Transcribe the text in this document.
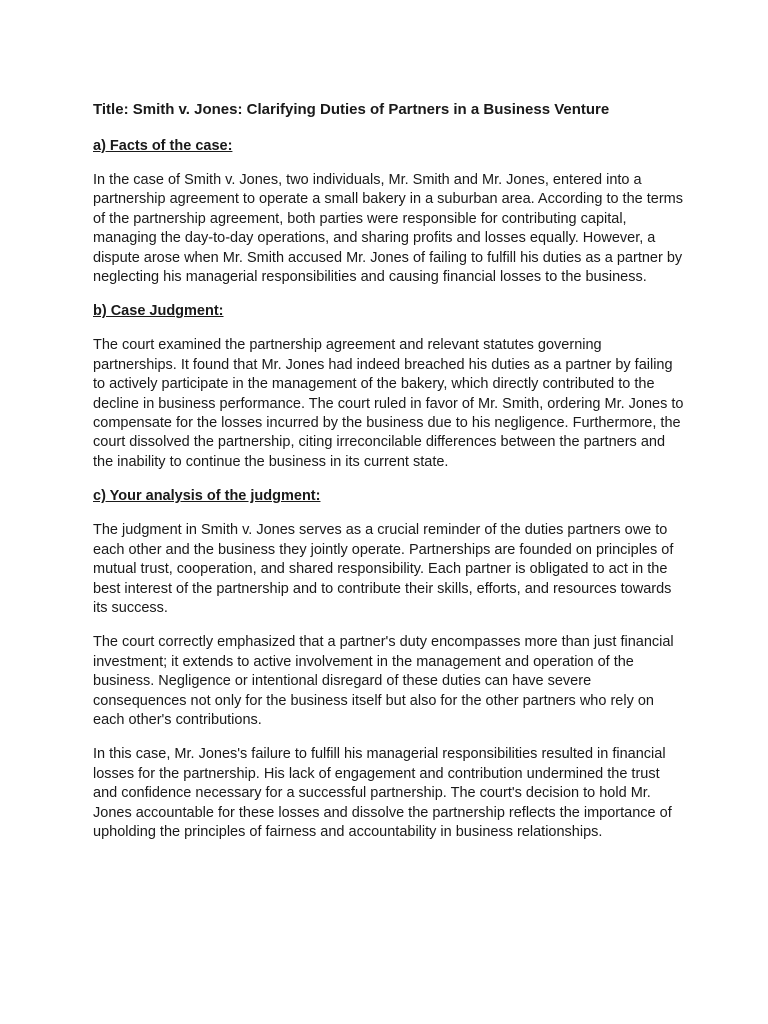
Title: Smith v. Jones: Clarifying Duties of Partners in a Business Venture
a) Facts of the case:

In the case of Smith v. Jones, two individuals, Mr. Smith and Mr. Jones, entered into a partnership agreement to operate a small bakery in a suburban area. According to the terms of the partnership agreement, both parties were responsible for contributing capital, managing the day-to-day operations, and sharing profits and losses equally. However, a dispute arose when Mr. Smith accused Mr. Jones of failing to fulfill his duties as a partner by neglecting his managerial responsibilities and causing financial losses to the business.

b) Case Judgment:

The court examined the partnership agreement and relevant statutes governing partnerships. It found that Mr. Jones had indeed breached his duties as a partner by failing to actively participate in the management of the bakery, which directly contributed to the decline in business performance. The court ruled in favor of Mr. Smith, ordering Mr. Jones to compensate for the losses incurred by the business due to his negligence. Furthermore, the court dissolved the partnership, citing irreconcilable differences between the partners and the inability to continue the business in its current state.

c) Your analysis of the judgment:

The judgment in Smith v. Jones serves as a crucial reminder of the duties partners owe to each other and the business they jointly operate. Partnerships are founded on principles of mutual trust, cooperation, and shared responsibility. Each partner is obligated to act in the best interest of the partnership and to contribute their skills, efforts, and resources towards its success.

The court correctly emphasized that a partner's duty encompasses more than just financial investment; it extends to active involvement in the management and operation of the business. Negligence or intentional disregard of these duties can have severe consequences not only for the business itself but also for the other partners who rely on each other's contributions.

In this case, Mr. Jones's failure to fulfill his managerial responsibilities resulted in financial losses for the partnership. His lack of engagement and contribution undermined the trust and confidence necessary for a successful partnership. The court's decision to hold Mr. Jones accountable for these losses and dissolve the partnership reflects the importance of upholding the principles of fairness and accountability in business relationships.
